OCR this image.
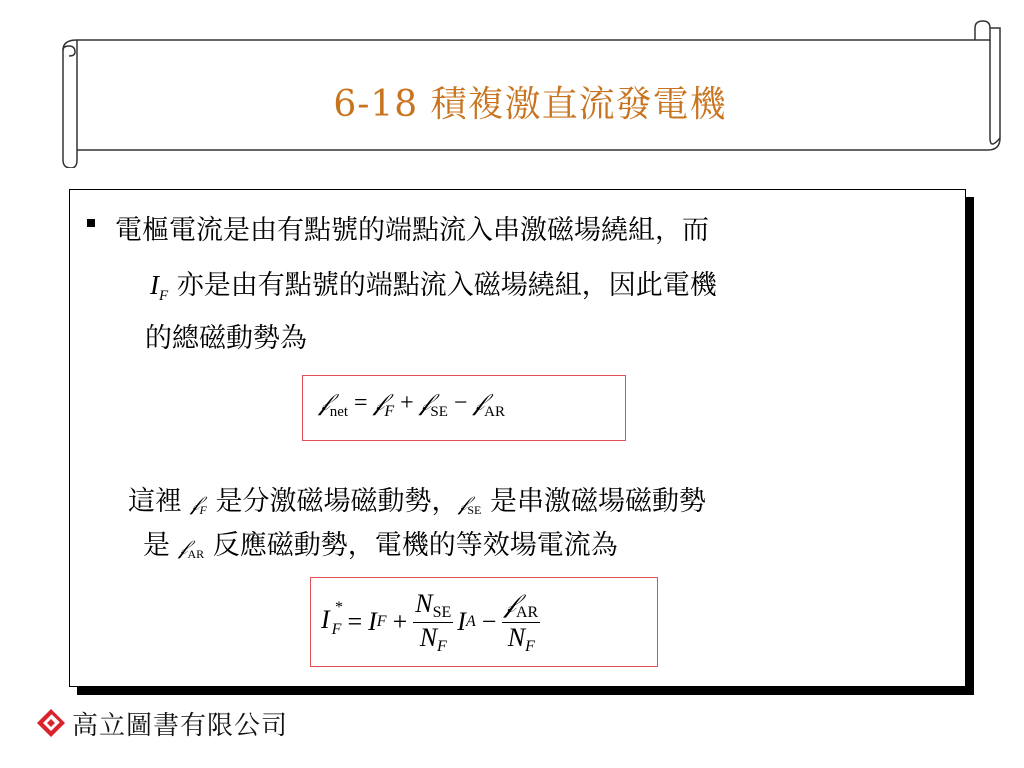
6-18 積複激直流發電機
電樞電流是由有點號的端點流入串激磁場繞組，而
$I_F$ 亦是由有點號的端點流入磁場繞組，因此電機
的總磁動勢為
𝒻$_{net}$ = 𝒻$_F$ + 𝒻$_{SE}$ − 𝒻$_{AR}$
這裡 𝒻F 是分激磁場磁動勢，𝒻SE 是串激磁場磁動勢	，
是 𝒻AR 反應磁動勢，電機的等效場電流為
I *
$_F$ = I F +
NSE
NF
I A −
𝒻AR
NF
高立圖書有限公司
